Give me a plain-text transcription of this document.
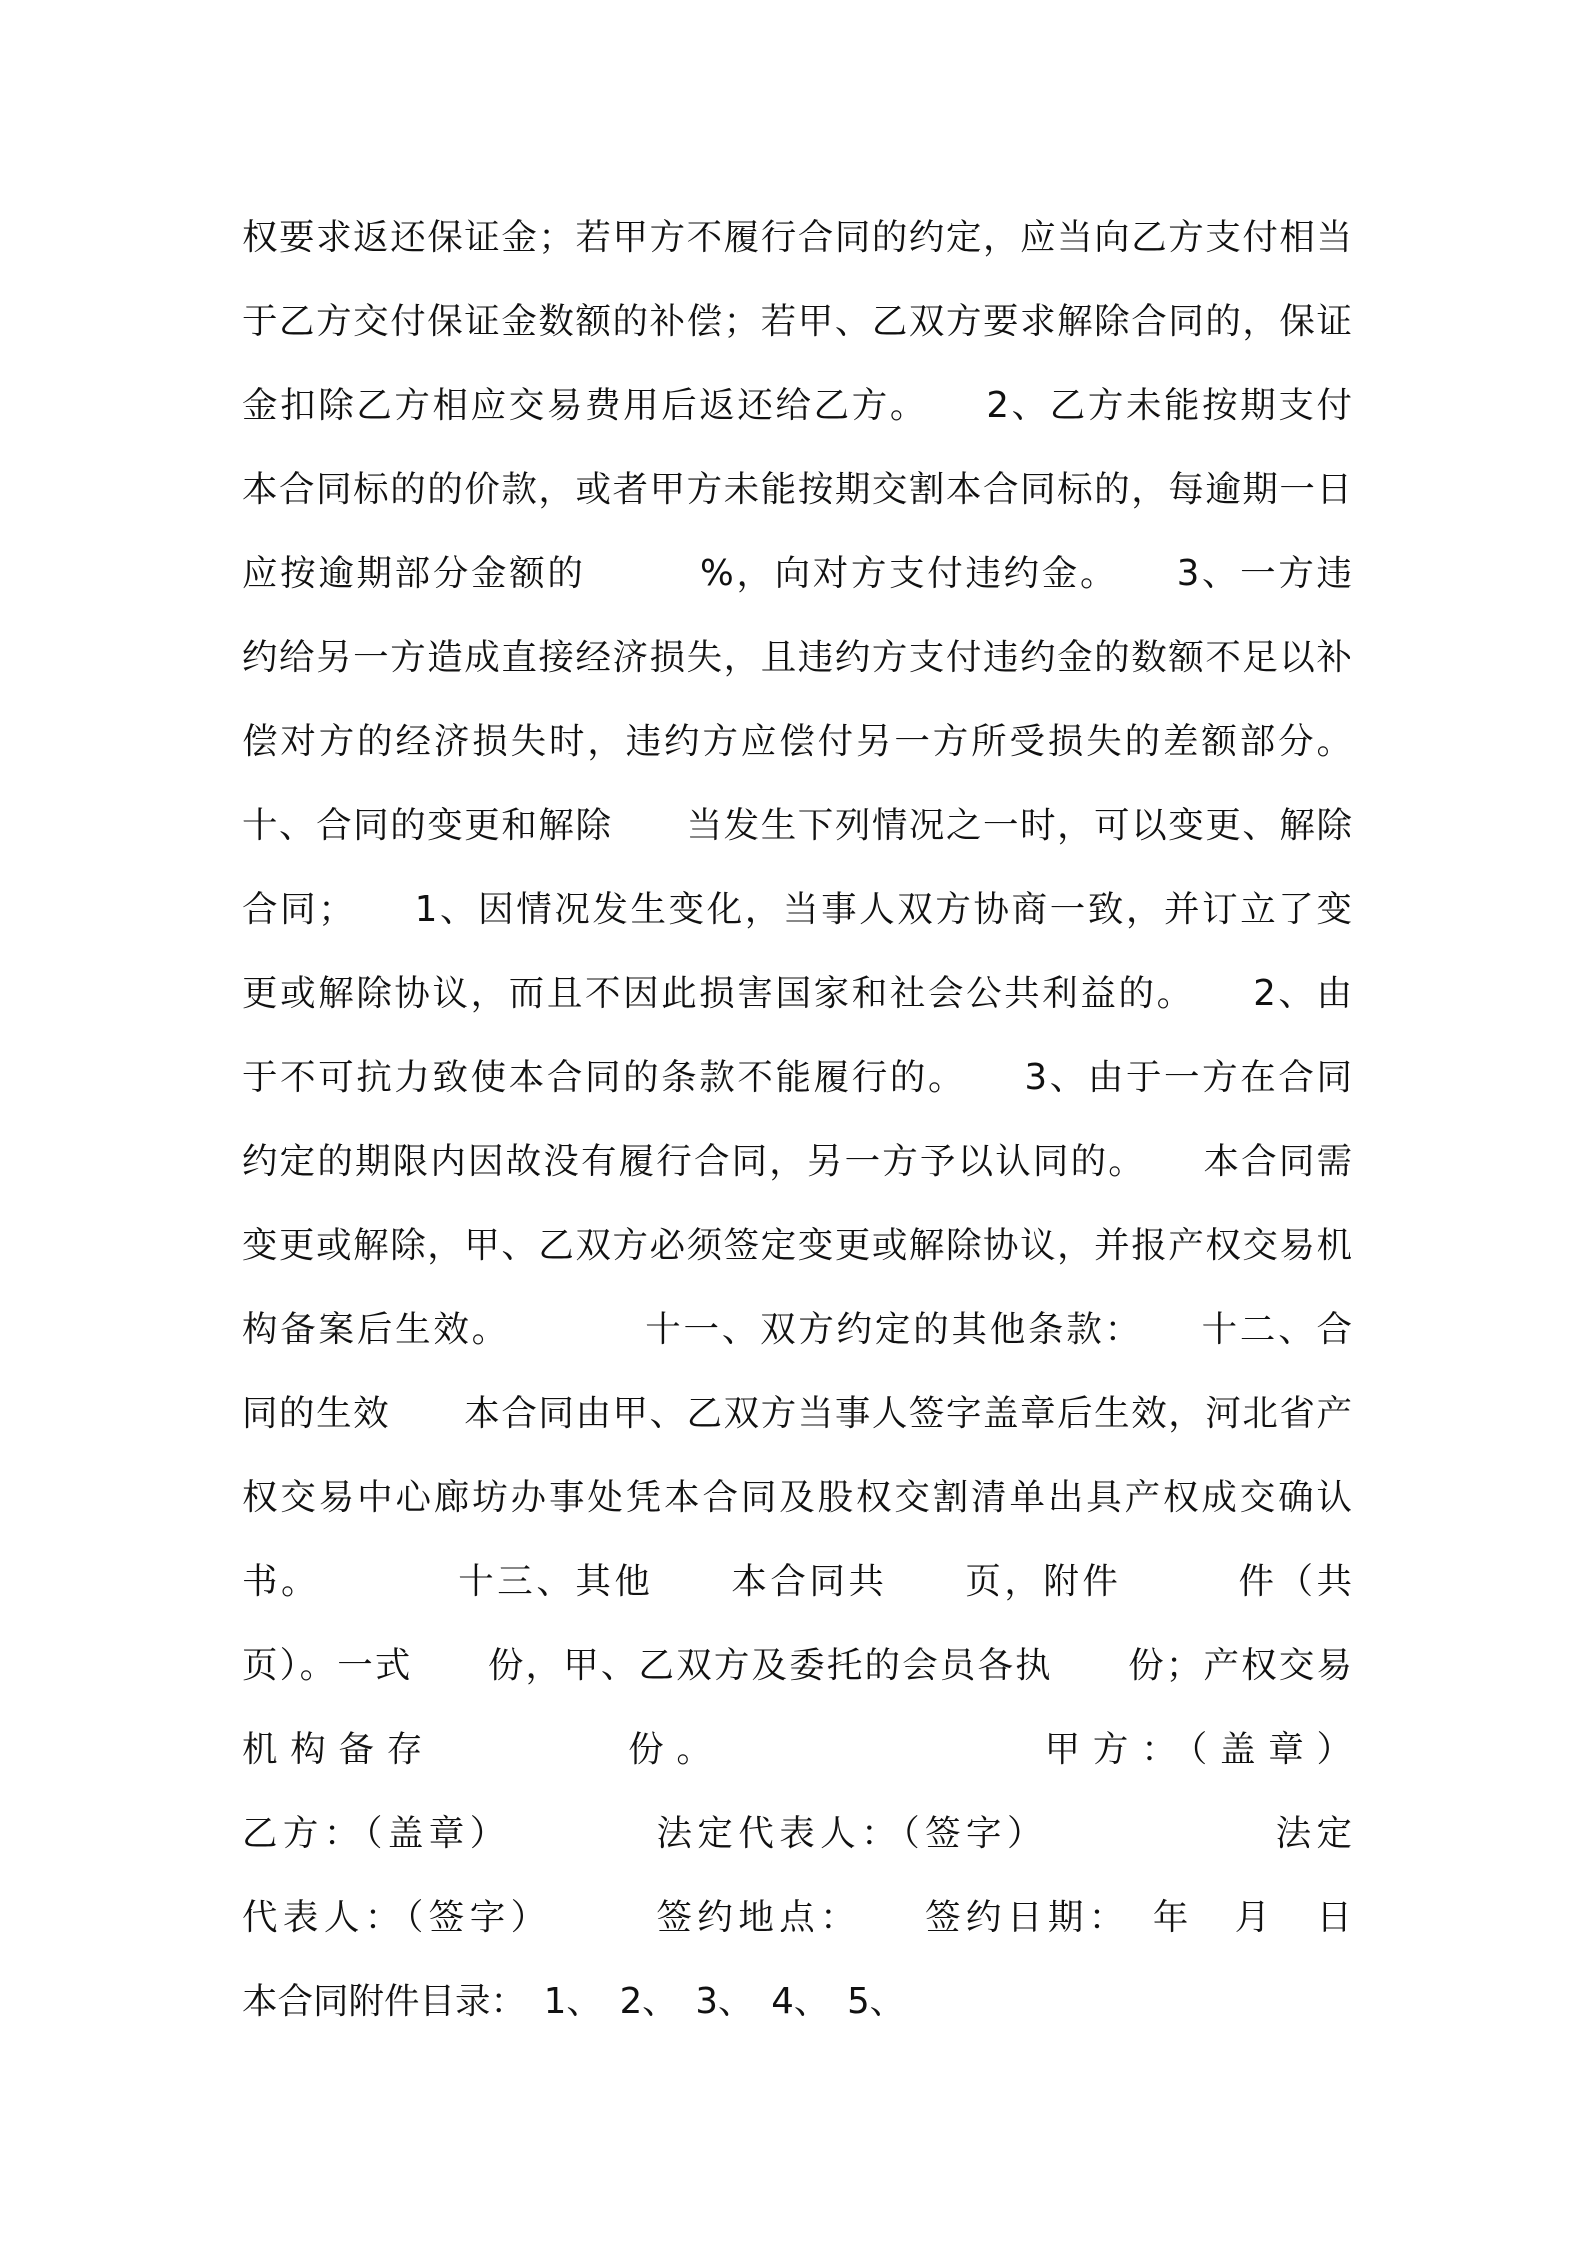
权要求返还保证金；若甲方不履行合同的约定，应当向乙方支付相当
于乙方交付保证金数额的补偿；若甲、乙双方要求解除合同的，保证
金扣除乙方相应交易费用后返还给乙方。　　2、乙方未能按期支付
本合同标的的价款，或者甲方未能按期交割本合同标的，每逾期一日
应按逾期部分金额的　　　%，向对方支付违约金。　　3、一方违
约给另一方造成直接经济损失，且违约方支付违约金的数额不足以补
偿对方的经济损失时，违约方应偿付另一方所受损失的差额部分。
十、合同的变更和解除　　当发生下列情况之一时，可以变更、解除
合同；　　1、因情况发生变化，当事人双方协商一致，并订立了变
更或解除协议，而且不因此损害国家和社会公共利益的。　　2、由
于不可抗力致使本合同的条款不能履行的。　　3、由于一方在合同
约定的期限内因故没有履行合同，另一方予以认同的。　　本合同需
变更或解除，甲、乙双方必须签定变更或解除协议，并报产权交易机
构备案后生效。　　　　十一、双方约定的其他条款：　　十二、合
同的生效　　本合同由甲、乙双方当事人签字盖章后生效，河北省产
权交易中心廊坊办事处凭本合同及股权交割清单出具产权成交确认
书。　　　　十三、其他　　本合同共　　页，附件　　　件（共
页）。一式　　份，甲、乙双方及委托的会员各执　　份；产权交易
机构备存　　　　份。　　　　　　　甲方：（盖章）
乙方：（盖章）　　　　法定代表人：（签字）　　　　　　法定
代表人：（签字）　　　签约地点：　　签约日期：　年　月　日
本合同附件目录：　1、　2、　3、　4、　5、
